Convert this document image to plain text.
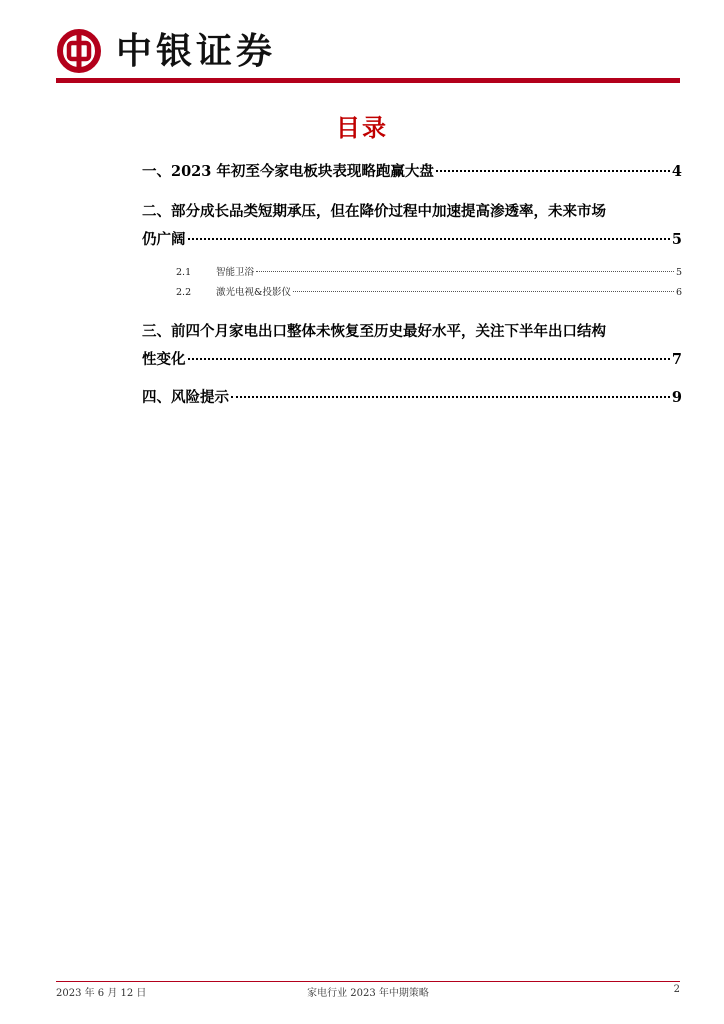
中银证券
目录
一、2023 年初至今家电板块表现略跑赢大盘	4
二、部分成长品类短期承压，但在降价过程中加速提高渗透率，未来市场
仍广阔	5
2.1	智能卫浴	5
2.2	激光电视&投影仪	6
三、前四个月家电出口整体未恢复至历史最好水平，关注下半年出口结构
性变化	7
四、风险提示	9
2023 年 6 月 12 日	家电行业 2023 年中期策略	2
